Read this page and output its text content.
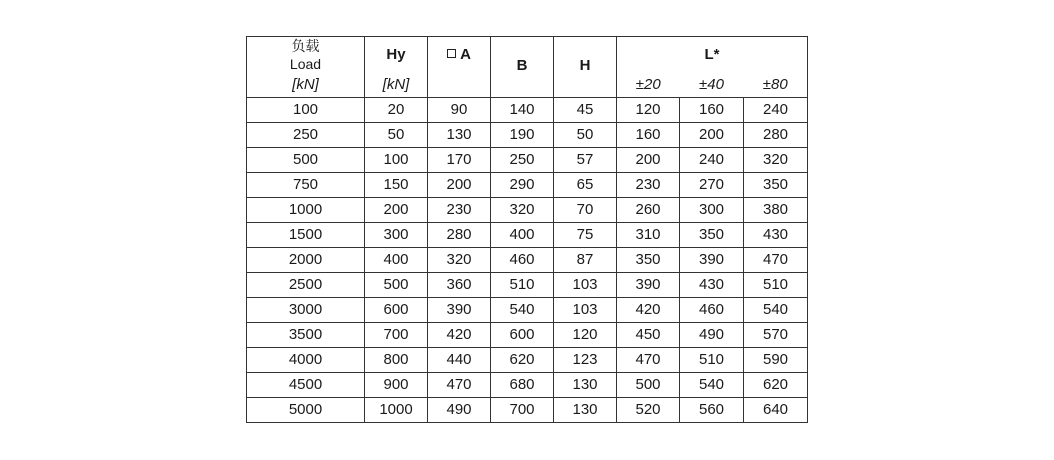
负载
Load	Hy	A	B	H	L*		
[kN]	[kN]				±20	±40	±80
100	20	90	140	45	120	160	240
250	50	130	190	50	160	200	280
500	100	170	250	57	200	240	320
750	150	200	290	65	230	270	350
1000	200	230	320	70	260	300	380
1500	300	280	400	75	310	350	430
2000	400	320	460	87	350	390	470
2500	500	360	510	103	390	430	510
3000	600	390	540	103	420	460	540
3500	700	420	600	120	450	490	570
4000	800	440	620	123	470	510	590
4500	900	470	680	130	500	540	620
5000	1000	490	700	130	520	560	640
